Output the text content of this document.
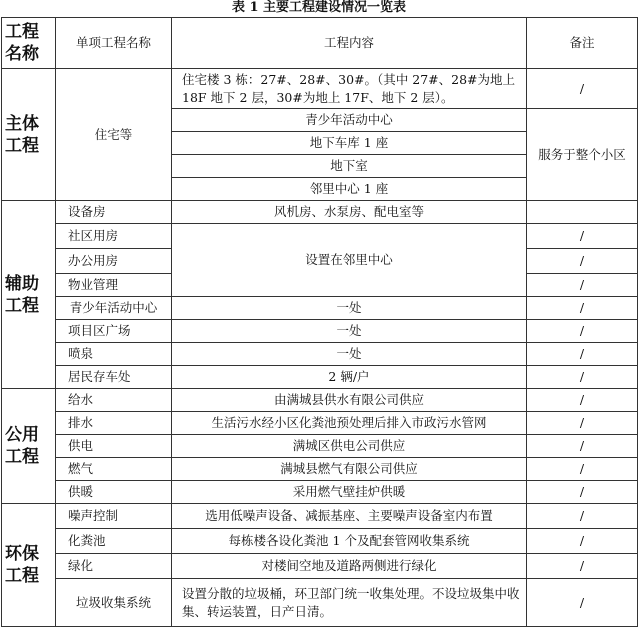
表 1 主要工程建设情况一览表
工程名称	单项工程名称	工程内容	备注
主体工程	住宅等	住宅楼 3 栋：27#、28#、30#。（其中 27#、28#为地上 18F 地下 2 层，30#为地上 17F、地下 2 层）。	/
		青少年活动中心	服务于整个小区
		地下车库 1 座	
		地下室	
		邻里中心 1 座	
辅助工程	设备房	风机房、水泵房、配电室等	
	社区用房	设置在邻里中心	/
	办公用房		/
	物业管理		/
	青少年活动中心	一处	/
	项目区广场	一处	/
	喷泉	一处	/
	居民存车处	2 辆/户	/
公用工程	给水	由满城县供水有限公司供应	/
	排水	生活污水经小区化粪池预处理后排入市政污水管网	/
	供电	满城区供电公司供应	/
	燃气	满城县燃气有限公司供应	/
	供暖	采用燃气壁挂炉供暖	/
环保工程	噪声控制	选用低噪声设备、减振基座、主要噪声设备室内布置	/
	化粪池	每栋楼各设化粪池 1 个及配套管网收集系统	/
	绿化	对楼间空地及道路两侧进行绿化	/
	垃圾收集系统	设置分散的垃圾桶，环卫部门统一收集处理。不设垃圾集中收集、转运装置，日产日清。	/
